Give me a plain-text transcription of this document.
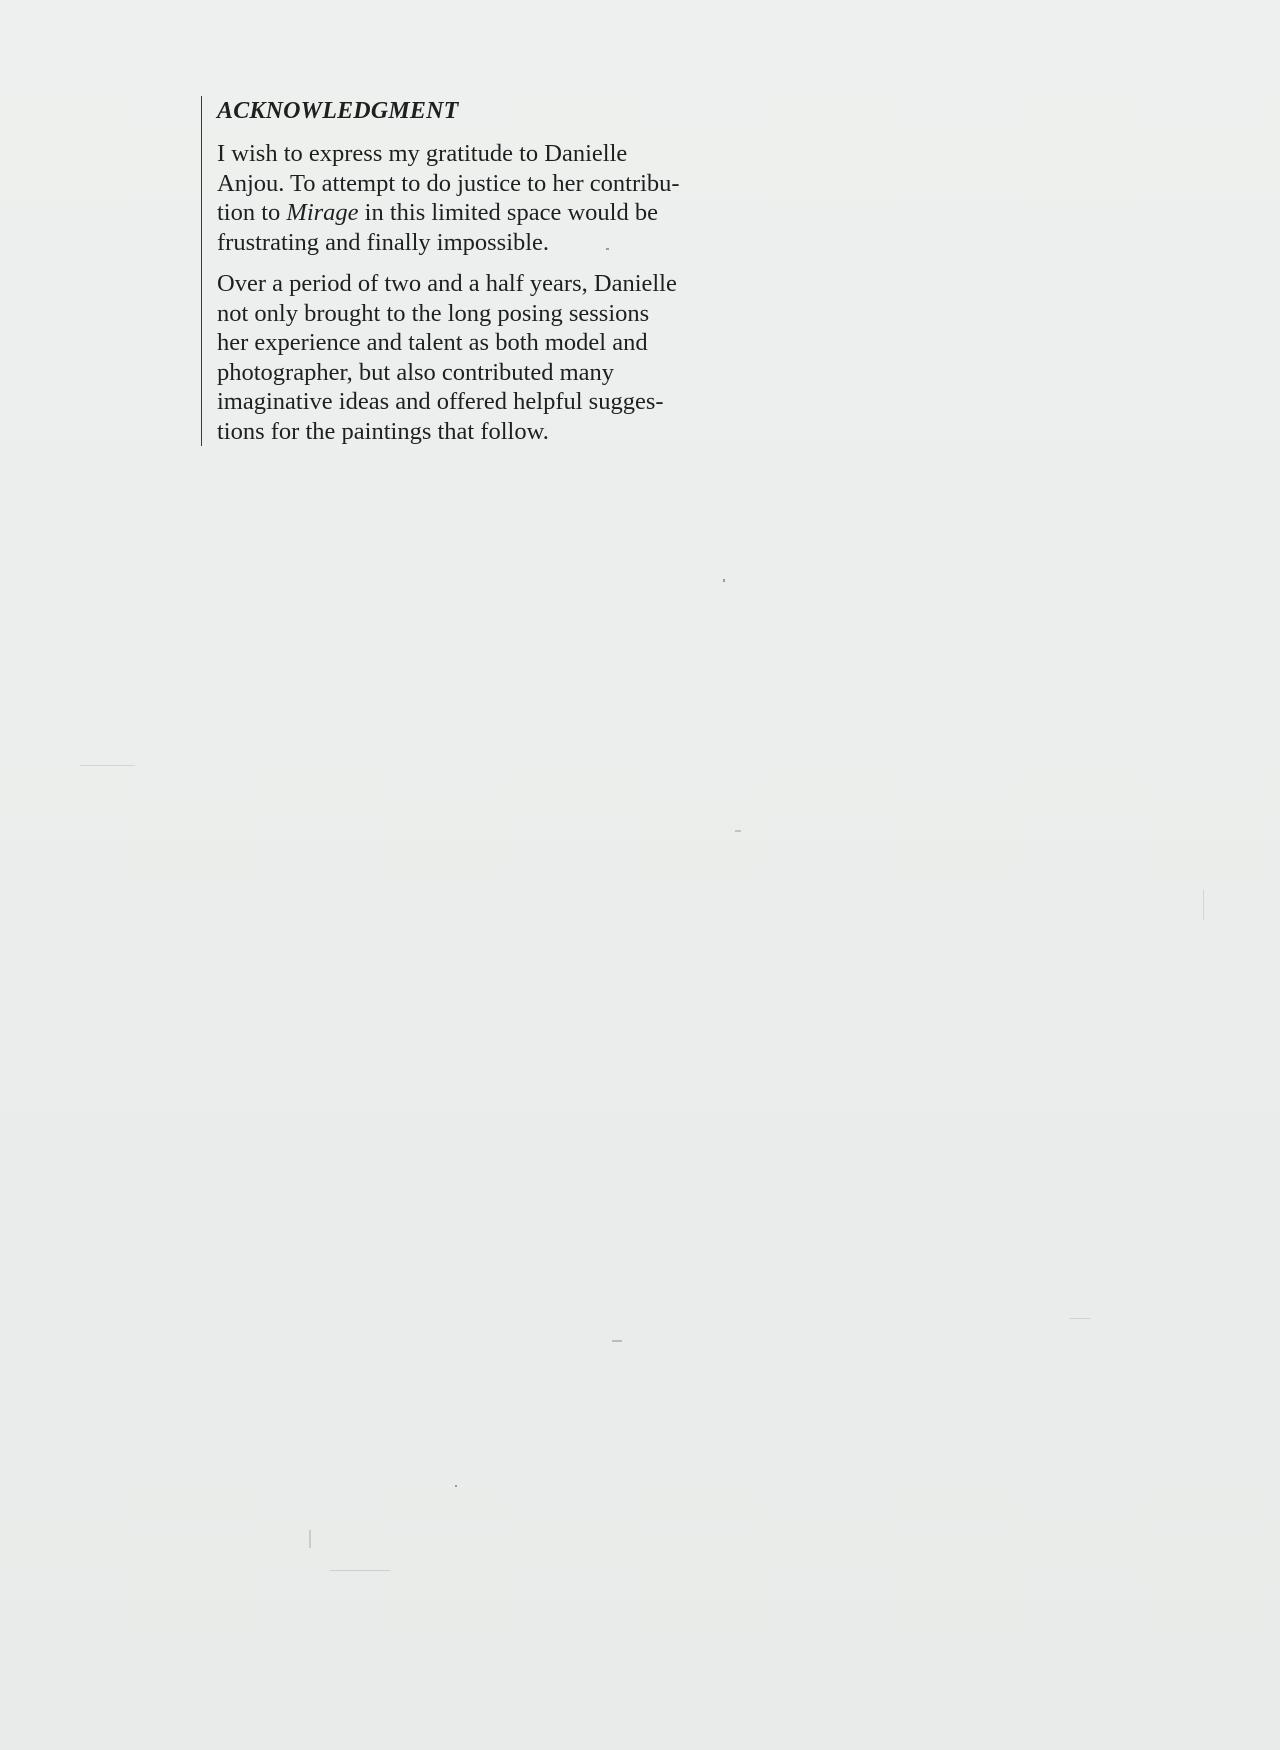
ACKNOWLEDGMENT

I wish to express my gratitude to Danielle
Anjou. To attempt to do justice to her contribu-
tion to Mirage in this limited space would be
frustrating and finally impossible.

Over a period of two and a half years, Danielle
not only brought to the long posing sessions
her experience and talent as both model and
photographer, but also contributed many
imaginative ideas and offered helpful sugges-
tions for the paintings that follow.
